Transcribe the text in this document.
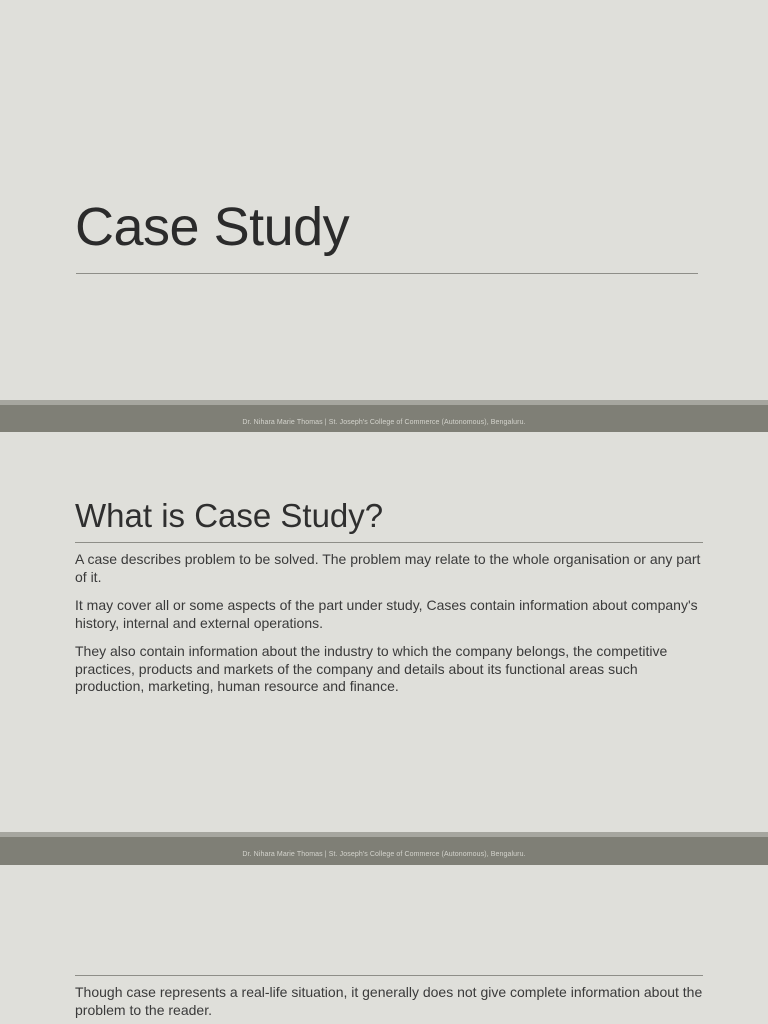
Case Study
Dr. Nihara Marie Thomas | St. Joseph's College of Commerce (Autonomous), Bengaluru.
What is Case Study?

A case describes problem to be solved. The problem may relate to the whole organisation or any part of it.

It may cover all or some aspects of the part under study, Cases contain information about company's history, internal and external operations.

They also contain information about the industry to which the company belongs, the competitive practices, products and markets of the company and details about its functional areas such production, marketing, human resource and finance.

Dr. Nihara Marie Thomas | St. Joseph's College of Commerce (Autonomous), Bengaluru.

Though case represents a real-life situation, it generally does not give complete information about the problem to the reader.
